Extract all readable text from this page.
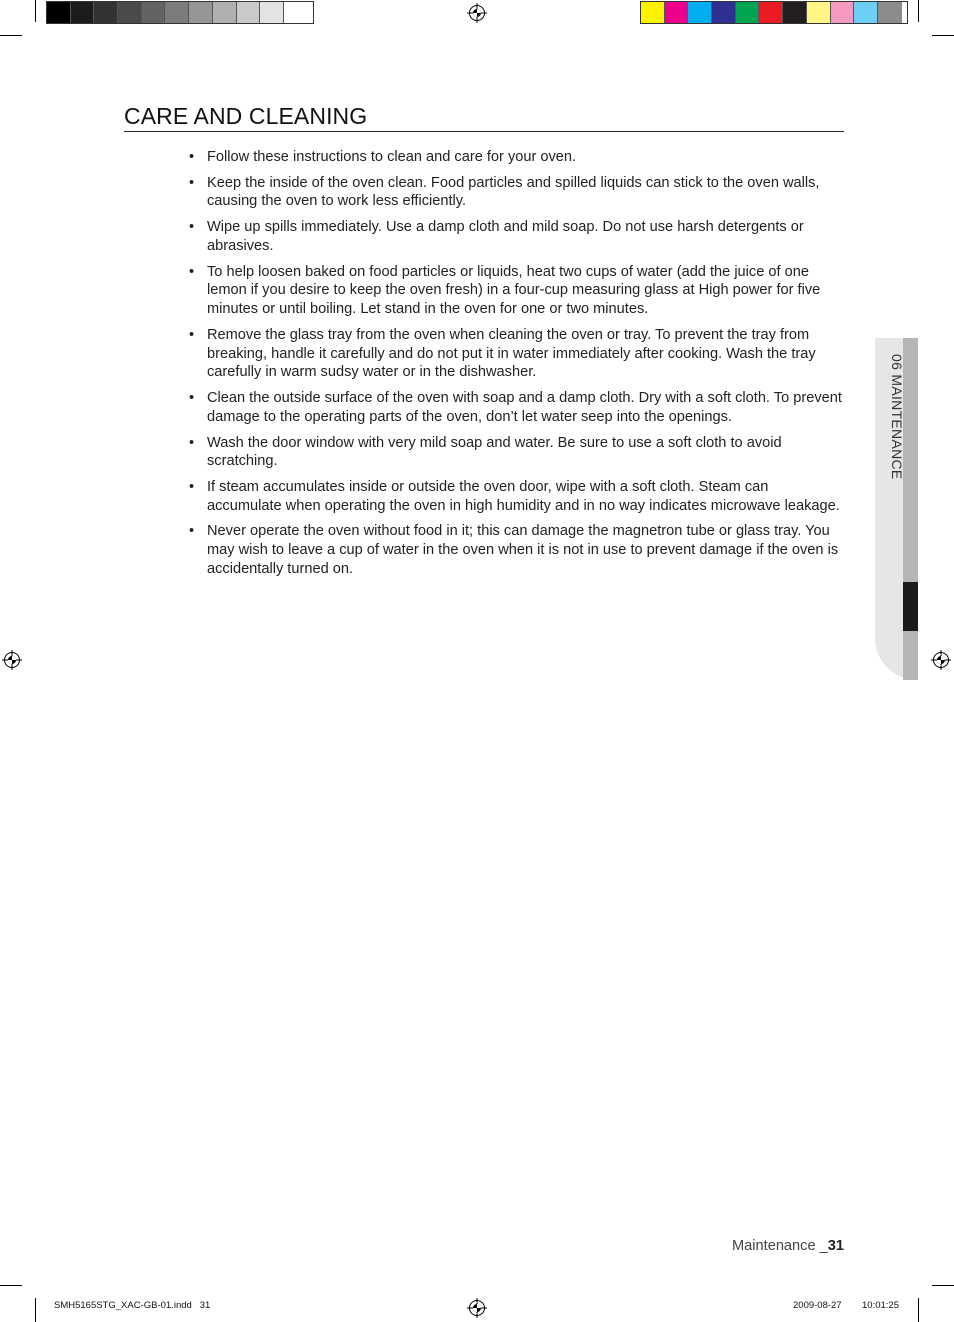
CARE AND CLEANING
• Follow these instructions to clean and care for your oven.
• Keep the inside of the oven clean. Food particles and spilled liquids can stick to the oven walls, causing the oven to work less efficiently.
• Wipe up spills immediately. Use a damp cloth and mild soap. Do not use harsh detergents or abrasives.
• To help loosen baked on food particles or liquids, heat two cups of water (add the juice of one lemon if you desire to keep the oven fresh) in a four-cup measuring glass at High power for five minutes or until boiling. Let stand in the oven for one or two minutes.
• Remove the glass tray from the oven when cleaning the oven or tray. To prevent the tray from breaking, handle it carefully and do not put it in water immediately after cooking. Wash the tray carefully in warm sudsy water or in the dishwasher.
• Clean the outside surface of the oven with soap and a damp cloth. Dry with a soft cloth. To prevent damage to the operating parts of the oven, don’t let water seep into the openings.
• Wash the door window with very mild soap and water. Be sure to use a soft cloth to avoid scratching.
• If steam accumulates inside or outside the oven door, wipe with a soft cloth. Steam can accumulate when operating the oven in high humidity and in no way indicates microwave leakage.
• Never operate the oven without food in it; this can damage the magnetron tube or glass tray. You may wish to leave a cup of water in the oven when it is not in use to prevent damage if the oven is accidentally turned on.
06 MAINTENANCE
Maintenance _31
SMH5165STG_XAC-GB-01.indd   31	2009-08-27 10:01:25
